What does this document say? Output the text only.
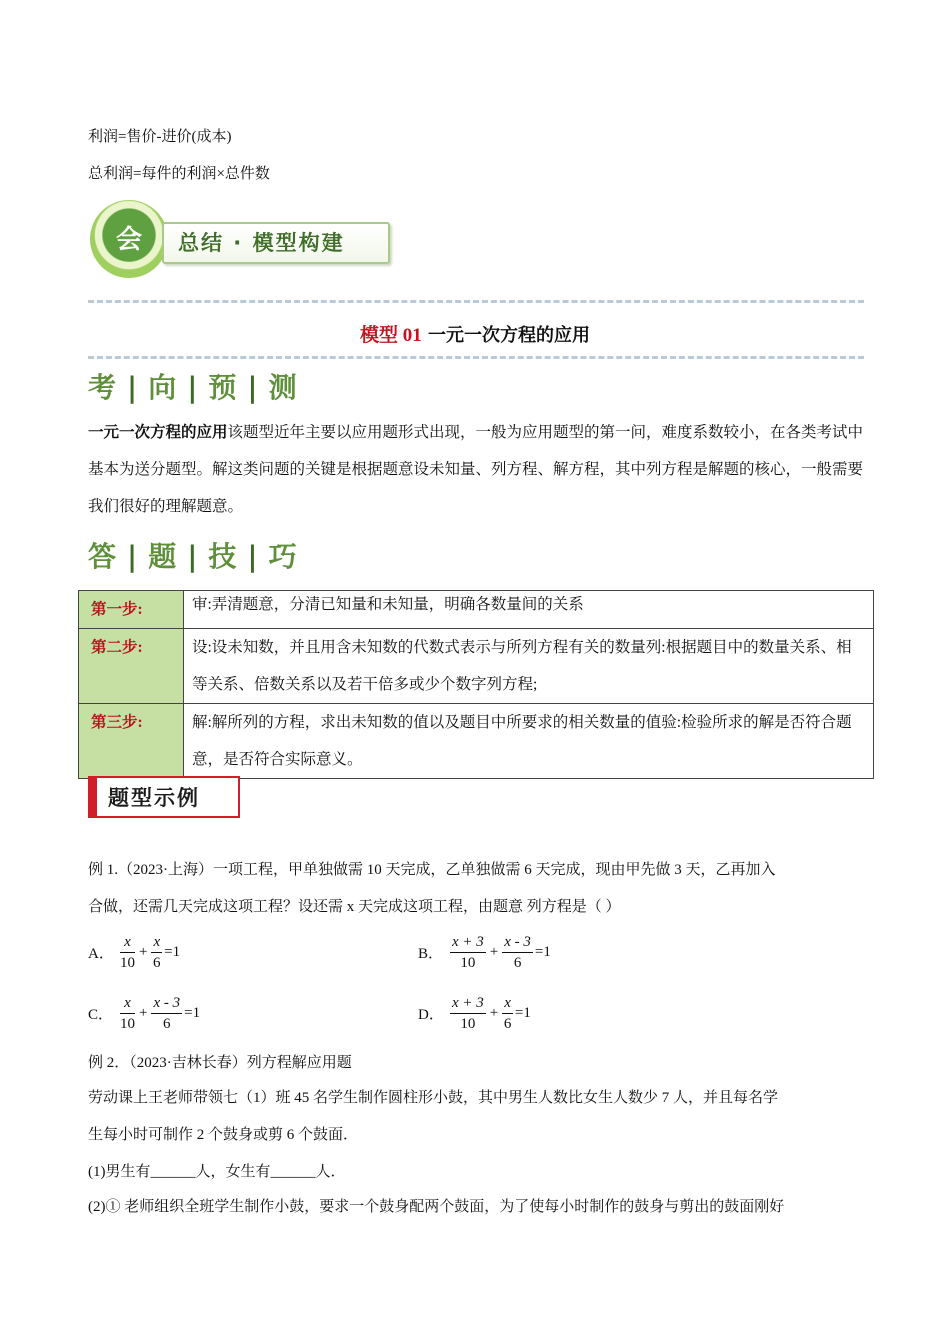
利润=售价-进价(成本)
总利润=每件的利润×总件数
会	总结 · 模型构建
模型 01 一元一次方程的应用
考 | 向 | 预 | 测
一元一次方程的应用该题型近年主要以应用题形式出现，一般为应用题型的第一问，难度系数较小，在各类考试中基本为送分题型。解这类问题的关键是根据题意设未知量、列方程、解方程，其中列方程是解题的核心，一般需要我们很好的理解题意。
答 | 题 | 技 | 巧
第一步:	审:弄清题意，分清已知量和未知量，明确各数量间的关系
第二步:	设:设未知数，并且用含未知数的代数式表示与所列方程有关的数量列:根据题目中的数量关系、相等关系、倍数关系以及若干倍多或少个数字列方程;
第三步:	解:解所列的方程，求出未知数的值以及题目中所要求的相关数量的值验:检验所求的解是否符合题意，是否符合实际意义。
题型示例
例 1.（2023·上海）一项工程，甲单独做需 10 天完成，乙单独做需 6 天完成，现由甲先做 3 天，乙再加入
合做，还需几天完成这项工程？设还需 x 天完成这项工程，由题意 列方程是（ ）
A． $\frac{x}{10} + \frac{x}{6} =1$	B． $\frac{x + 3}{10} + \frac{x - 3}{6} =1$
C． $\frac{x}{10} + \frac{x - 3}{6} =1$	D． $\frac{x + 3}{10} + \frac{x}{6} =1$
例 2．（2023·吉林长春）列方程解应用题
劳动课上王老师带领七（1）班 45 名学生制作圆柱形小鼓，其中男生人数比女生人数少 7 人，并且每名学
生每小时可制作 2 个鼓身或剪 6 个鼓面．
(1)男生有______人，女生有______人．
(2)① 老师组织全班学生制作小鼓，要求一个鼓身配两个鼓面，为了使每小时制作的鼓身与剪出的鼓面刚好
